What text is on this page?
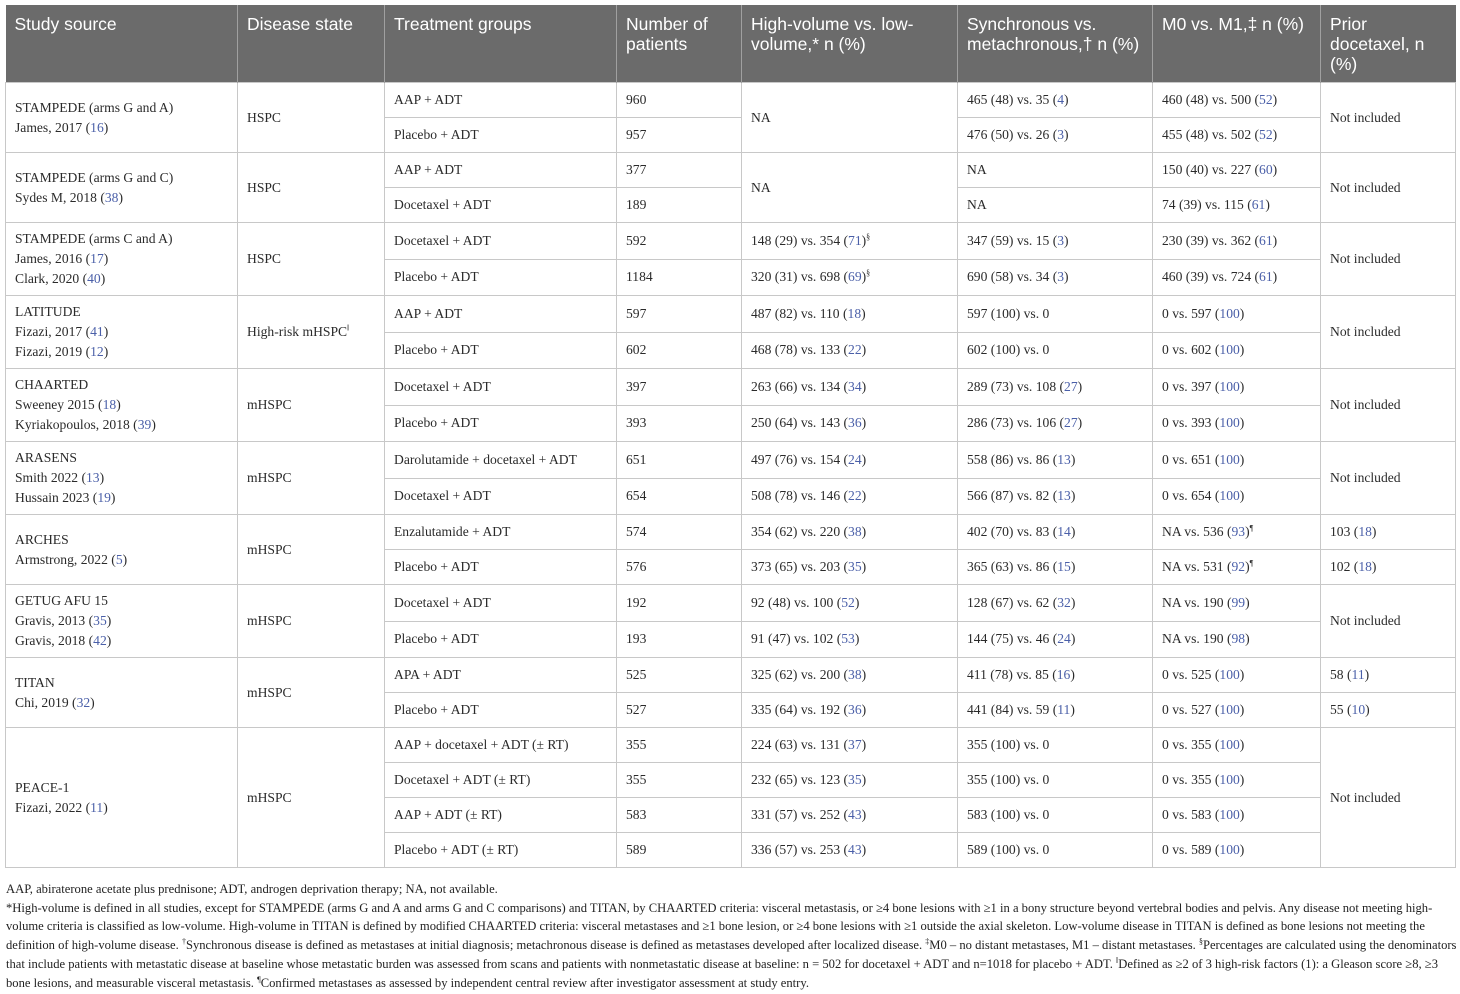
Study source	Disease state	Treatment groups	Number of patients	High-volume vs. low-volume,* n (%)	Synchronous vs. metachronous,† n (%)	M0 vs. M1,‡ n (%)	Prior docetaxel, n (%)

STAMPEDE (arms G and A)
James, 2017 (16)	HSPC	AAP + ADT	960	NA	465 (48) vs. 35 (4)	460 (48) vs. 500 (52)	Not included
		Placebo + ADT	957		476 (50) vs. 26 (3)	455 (48) vs. 502 (52)	

STAMPEDE (arms G and C)
Sydes M, 2018 (38)	HSPC	AAP + ADT	377	NA	NA	150 (40) vs. 227 (60)	Not included
		Docetaxel + ADT	189		NA	74 (39) vs. 115 (61)	

STAMPEDE (arms C and A)
James, 2016 (17)
Clark, 2020 (40)	HSPC	Docetaxel + ADT	592	148 (29) vs. 354 (71)§	347 (59) vs. 15 (3)	230 (39) vs. 362 (61)	Not included
		Placebo + ADT	1184	320 (31) vs. 698 (69)§	690 (58) vs. 34 (3)	460 (39) vs. 724 (61)	

LATITUDE
Fizazi, 2017 (41)
Fizazi, 2019 (12)	High-risk mHSPC‖	AAP + ADT	597	487 (82) vs. 110 (18)	597 (100) vs. 0	0 vs. 597 (100)	Not included
		Placebo + ADT	602	468 (78) vs. 133 (22)	602 (100) vs. 0	0 vs. 602 (100)	

CHAARTED
Sweeney 2015 (18)
Kyriakopoulos, 2018 (39)	mHSPC	Docetaxel + ADT	397	263 (66) vs. 134 (34)	289 (73) vs. 108 (27)	0 vs. 397 (100)	Not included
		Placebo + ADT	393	250 (64) vs. 143 (36)	286 (73) vs. 106 (27)	0 vs. 393 (100)	

ARASENS
Smith 2022 (13)
Hussain 2023 (19)	mHSPC	Darolutamide + docetaxel + ADT	651	497 (76) vs. 154 (24)	558 (86) vs. 86 (13)	0 vs. 651 (100)	Not included
		Docetaxel + ADT	654	508 (78) vs. 146 (22)	566 (87) vs. 82 (13)	0 vs. 654 (100)	

ARCHES
Armstrong, 2022 (5)	mHSPC	Enzalutamide + ADT	574	354 (62) vs. 220 (38)	402 (70) vs. 83 (14)	NA vs. 536 (93)¶	103 (18)
		Placebo + ADT	576	373 (65) vs. 203 (35)	365 (63) vs. 86 (15)	NA vs. 531 (92)¶	102 (18)

GETUG AFU 15
Gravis, 2013 (35)
Gravis, 2018 (42)	mHSPC	Docetaxel + ADT	192	92 (48) vs. 100 (52)	128 (67) vs. 62 (32)	NA vs. 190 (99)	Not included
		Placebo + ADT	193	91 (47) vs. 102 (53)	144 (75) vs. 46 (24)	NA vs. 190 (98)	

TITAN
Chi, 2019 (32)	mHSPC	APA + ADT	525	325 (62) vs. 200 (38)	411 (78) vs. 85 (16)	0 vs. 525 (100)	58 (11)
		Placebo + ADT	527	335 (64) vs. 192 (36)	441 (84) vs. 59 (11)	0 vs. 527 (100)	55 (10)

PEACE-1
Fizazi, 2022 (11)	mHSPC	AAP + docetaxel + ADT (± RT)	355	224 (63) vs. 131 (37)	355 (100) vs. 0	0 vs. 355 (100)	Not included
		Docetaxel + ADT (± RT)	355	232 (65) vs. 123 (35)	355 (100) vs. 0	0 vs. 355 (100)	
		AAP + ADT (± RT)	583	331 (57) vs. 252 (43)	583 (100) vs. 0	0 vs. 583 (100)	
		Placebo + ADT (± RT)	589	336 (57) vs. 253 (43)	589 (100) vs. 0	0 vs. 589 (100)	

AAP, abiraterone acetate plus prednisone; ADT, androgen deprivation therapy; NA, not available.

*High-volume is defined in all studies, except for STAMPEDE (arms G and A and arms G and C comparisons) and TITAN, by CHAARTED criteria: visceral metastasis, or ≥4 bone lesions with ≥1 in a bony structure beyond vertebral bodies and pelvis. Any disease not meeting high-volume criteria is classified as low-volume. High-volume in TITAN is defined by modified CHAARTED criteria: visceral metastases and ≥1 bone lesion, or ≥4 bone lesions with ≥1 outside the axial skeleton. Low-volume disease in TITAN is defined as bone lesions not meeting the definition of high-volume disease. †Synchronous disease is defined as metastases at initial diagnosis; metachronous disease is defined as metastases developed after localized disease. ‡M0 – no distant metastases, M1 – distant metastases. §Percentages are calculated using the denominators that include patients with metastatic disease at baseline whose metastatic burden was assessed from scans and patients with nonmetastatic disease at baseline: n = 502 for docetaxel + ADT and n=1018 for placebo + ADT. ‖Defined as ≥2 of 3 high-risk factors (1): a Gleason score ≥8, ≥3 bone lesions, and measurable visceral metastasis. ¶Confirmed metastases as assessed by independent central review after investigator assessment at study entry.
